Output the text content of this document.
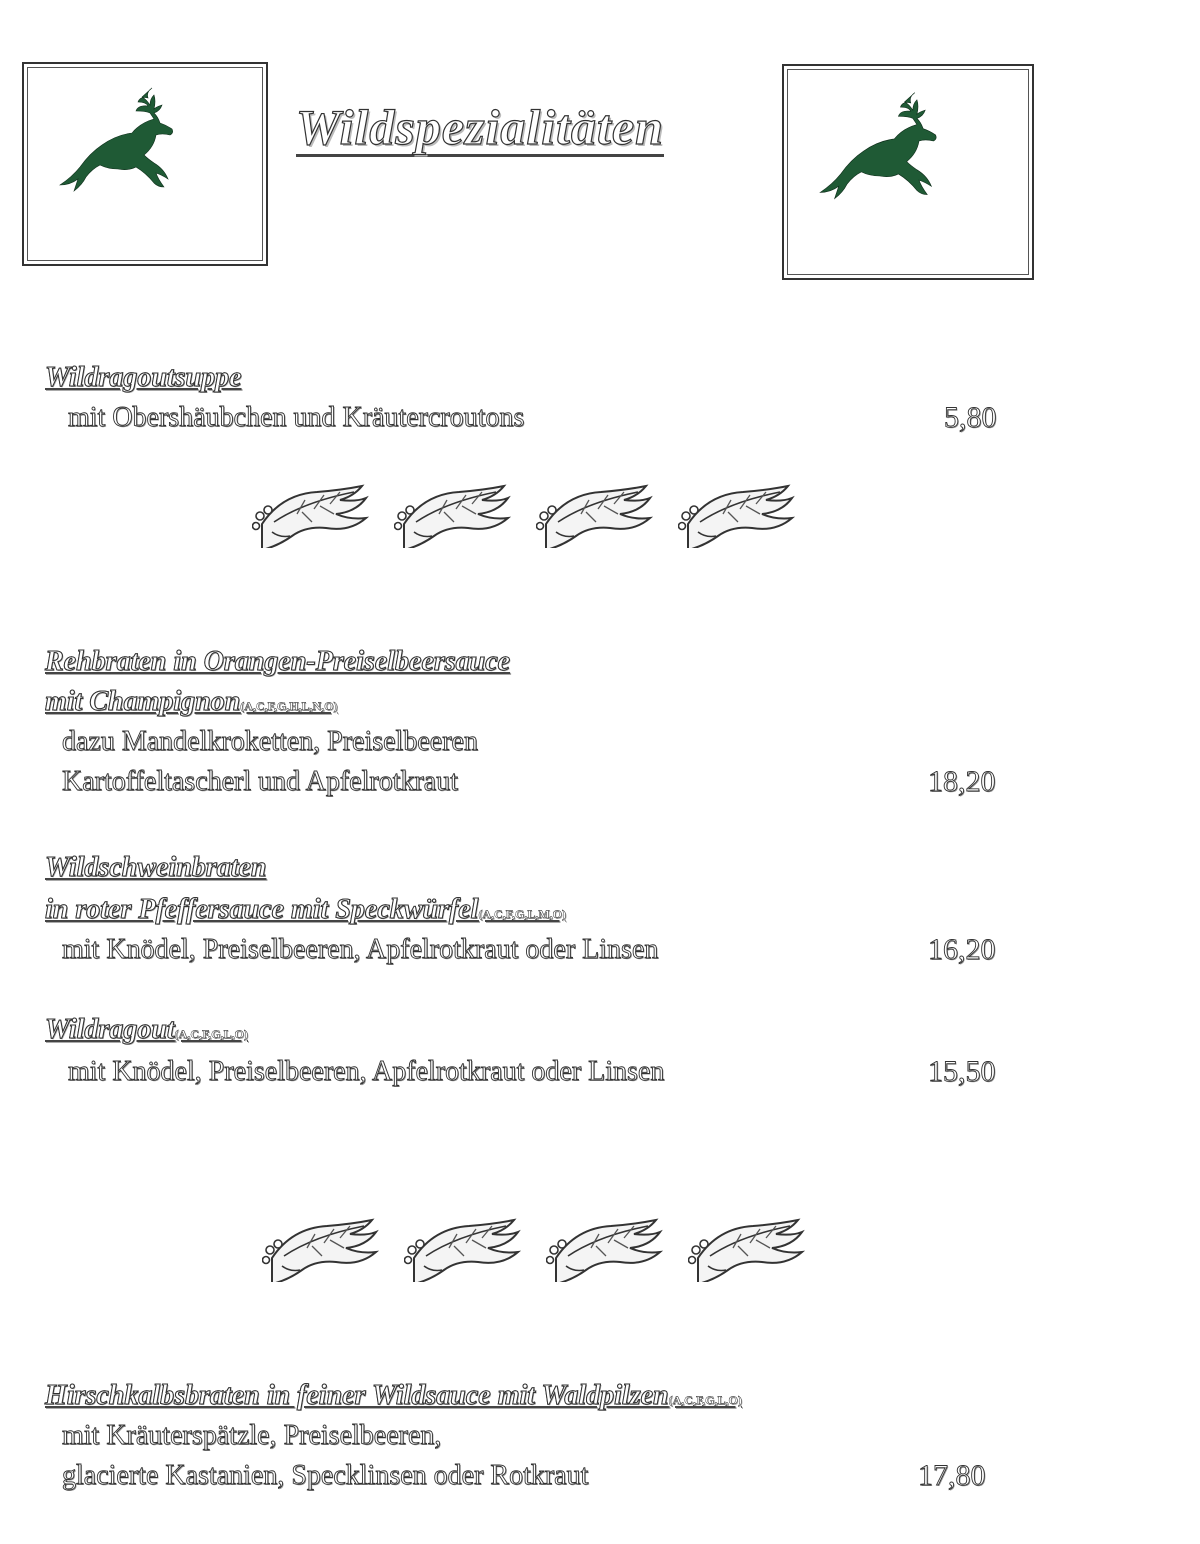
Wildspezialitäten
Wildragoutsuppe
mit Obershäubchen und Kräutercroutons	5,80
Rehbraten in Orangen-Preiselbeersauce
mit Champignon(A,C,F,G,H,L,N,O)
dazu Mandelkroketten, Preiselbeeren
Kartoffeltascherl und Apfelrotkraut	18,20
Wildschweinbraten
in roter Pfeffersauce mit Speckwürfel(A,C,F,G,L,M,O)
mit Knödel, Preiselbeeren, Apfelrotkraut oder Linsen	16,20
Wildragout(A,C,F,G,L,O)
mit Knödel, Preiselbeeren, Apfelrotkraut oder Linsen	15,50
Hirschkalbsbraten in feiner Wildsauce mit Waldpilzen(A,C,F,G,L,O)
mit Kräuterspätzle, Preiselbeeren,
glacierte Kastanien, Specklinsen oder Rotkraut	17,80
